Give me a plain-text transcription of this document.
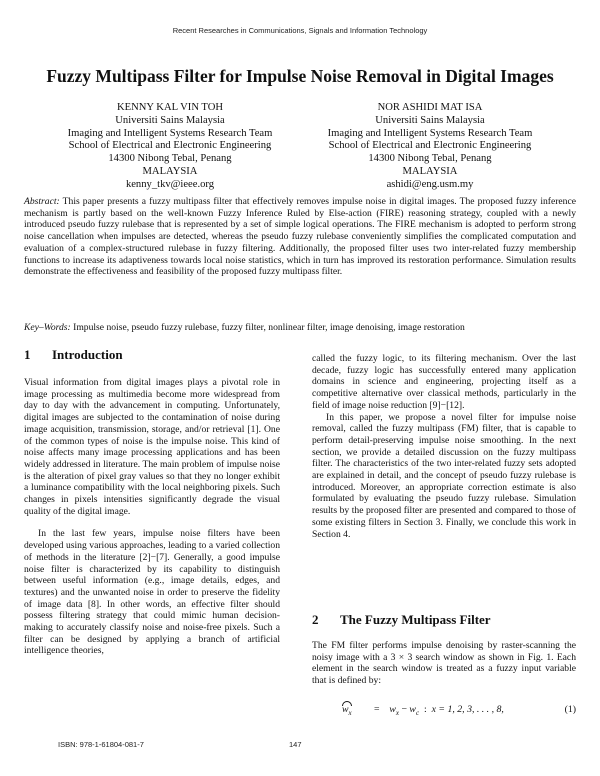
Recent Researches in Communications, Signals and Information Technology
Fuzzy Multipass Filter for Impulse Noise Removal in Digital Images
KENNY KAL VIN TOH
Universiti Sains Malaysia
Imaging and Intelligent Systems Research Team
School of Electrical and Electronic Engineering
14300 Nibong Tebal, Penang
MALAYSIA
kenny_tkv@ieee.org
NOR ASHIDI MAT ISA
Universiti Sains Malaysia
Imaging and Intelligent Systems Research Team
School of Electrical and Electronic Engineering
14300 Nibong Tebal, Penang
MALAYSIA
ashidi@eng.usm.my
Abstract: This paper presents a fuzzy multipass filter that effectively removes impulse noise in digital images. The proposed fuzzy inference mechanism is partly based on the well-known Fuzzy Inference Ruled by Else-action (FIRE) reasoning strategy, coupled with a newly introduced pseudo fuzzy rulebase that is represented by a set of simple logical operations. The FIRE mechanism is adopted to perform strong noise cancellation when impulses are detected, whereas the pseudo fuzzy rulebase conveniently simplifies the complicated computation and evaluation of a complex-structured rulebase in fuzzy filtering. Additionally, the proposed filter uses two inter-related fuzzy membership functions to increase its adaptiveness towards local noise statistics, which in turn has improved its restoration performance. Simulation results demonstrate the effectiveness and feasibility of the proposed fuzzy multipass filter.
Key–Words: Impulse noise, pseudo fuzzy rulebase, fuzzy filter, nonlinear filter, image denoising, image restoration
1 Introduction

Visual information from digital images plays a pivotal role in image processing as multimedia become more widespread from day to day with the advancement in computing. Unfortunately, digital images are subjected to the contamination of noise during image acquisition, transmission, storage, and/or retrieval [1]. One of the common types of noise is the impulse noise. This kind of noise affects many image processing applications and has been widely addressed in literature. The main problem of impulse noise is the alteration of pixel gray values so that they no longer exhibit a luminance compatibility with the local neighboring pixels. Such changes in pixels intensities significantly degrade the visual quality of the digital image.

In the last few years, impulse noise filters have been developed using various approaches, leading to a varied collection of methods in the literature [2]−[7]. Generally, a good impulse noise filter is characterized by its capability to distinguish between useful information (e.g., image details, edges, and textures) and the unwanted noise in order to preserve the fidelity of image data [8]. In other words, an effective filter should possess filtering strategy that could mimic human decision-making to accurately classify noise and noise-free pixels. Such a filter can be designed by applying a branch of artificial intelligence theories,

called the fuzzy logic, to its filtering mechanism. Over the last decade, fuzzy logic has successfully entered many application domains in science and engineering, projecting itself as a competitive alternative over classical methods, particularly in the field of image noise reduction [9]−[12].

In this paper, we propose a novel filter for impulse noise removal, called the fuzzy multipass (FM) filter, that is capable to perform detail-preserving impulse noise smoothing. In the next section, we provide a detailed discussion on the fuzzy multipass filter. The characteristics of the two inter-related fuzzy sets adopted are explained in detail, and the concept of pseudo fuzzy rulebase is introduced. Moreover, an appropriate correction estimate is also formulated by evaluating the pseudo fuzzy rulebase. Simulation results by the proposed filter are presented and compared to those of some existing filters in Section 3. Finally, we conclude this work in Section 4.

2 The Fuzzy Multipass Filter

The FM filter performs impulse denoising by raster-scanning the noisy image with a 3 × 3 search window as shown in Fig. 1. Each element in the search window is treated as a fuzzy input variable that is defined by:

$w_x = w_x - w_c$ : x = 1, 2, 3, . . . , 8,	(1)
ISBN: 978-1-61804-081-7	147
